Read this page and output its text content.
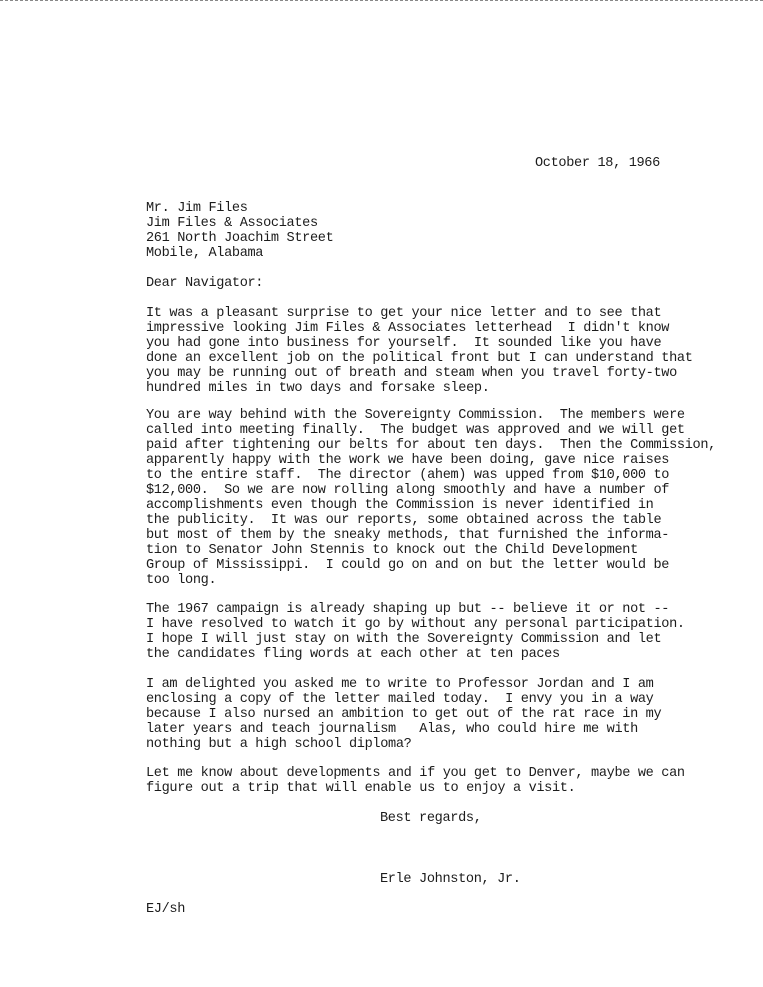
October 18, 1966
Mr. Jim Files
Jim Files & Associates
261 North Joachim Street
Mobile, Alabama
Dear Navigator:
It was a pleasant surprise to get your nice letter and to see that
impressive looking Jim Files & Associates letterhead  I didn't know
you had gone into business for yourself.  It sounded like you have
done an excellent job on the political front but I can understand that
you may be running out of breath and steam when you travel forty-two
hundred miles in two days and forsake sleep.
You are way behind with the Sovereignty Commission.  The members were
called into meeting finally.  The budget was approved and we will get
paid after tightening our belts for about ten days.  Then the Commission,
apparently happy with the work we have been doing, gave nice raises
to the entire staff.  The director (ahem) was upped from $10,000 to
$12,000.  So we are now rolling along smoothly and have a number of
accomplishments even though the Commission is never identified in
the publicity.  It was our reports, some obtained across the table
but most of them by the sneaky methods, that furnished the informa-
tion to Senator John Stennis to knock out the Child Development
Group of Mississippi.  I could go on and on but the letter would be
too long.
The 1967 campaign is already shaping up but -- believe it or not --
I have resolved to watch it go by without any personal participation.
I hope I will just stay on with the Sovereignty Commission and let
the candidates fling words at each other at ten paces
I am delighted you asked me to write to Professor Jordan and I am
enclosing a copy of the letter mailed today.  I envy you in a way
because I also nursed an ambition to get out of the rat race in my
later years and teach journalism   Alas, who could hire me with
nothing but a high school diploma?
Let me know about developments and if you get to Denver, maybe we can
figure out a trip that will enable us to enjoy a visit.
Best regards,
Erle Johnston, Jr.
EJ/sh
